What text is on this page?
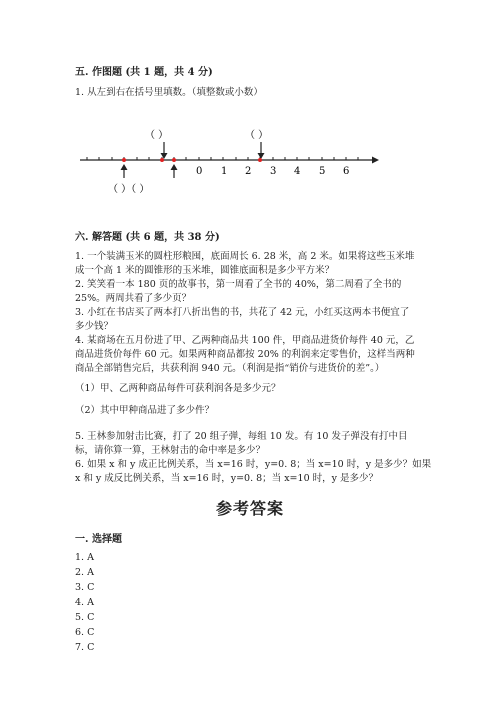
五. 作图题 (共 1 题，共 4 分)
1. 从左到右在括号里填数。（填整数或小数）
（ ）	（ ）
0 1 2 3 4 5 6
（ ）（ ）
六. 解答题 (共 6 题，共 38 分)
1. 一个装满玉米的圆柱形粮囤，底面周长 6. 28 米，高 2 米。如果将这些玉米堆
成一个高 1 米的圆锥形的玉米堆，圆锥底面积是多少平方米？
2. 笑笑看一本 180 页的故事书，第一周看了全书的 40%，第二周看了全书的
25%。两周共看了多少页？
3. 小红在书店买了两本打八折出售的书，共花了 42 元，小红买这两本书便宜了
多少钱？
4. 某商场在五月份进了甲、乙两种商品共 100 件，甲商品进货价每件 40 元，乙
商品进货价每件 60 元。如果两种商品都按 20% 的利润来定零售价，这样当两种
商品全部销售完后，共获利润 940 元。（利润是指“销价与进货价的差”。）
（1）甲、乙两种商品每件可获利润各是多少元？
（2）其中甲种商品进了多少件？
5. 王林参加射击比赛，打了 20 组子弹，每组 10 发。有 10 发子弹没有打中目
标，请你算一算，王林射击的命中率是多少？
6. 如果 x 和 y 成正比例关系，当 x=16 时，y=0. 8；当 x=10 时，y 是多少？如果
x 和 y 成反比例关系，当 x=16 时，y=0. 8；当 x=10 时，y 是多少？
参考答案
一. 选择题
1. A
2. A
3. C
4. A
5. C
6. C
7. C
